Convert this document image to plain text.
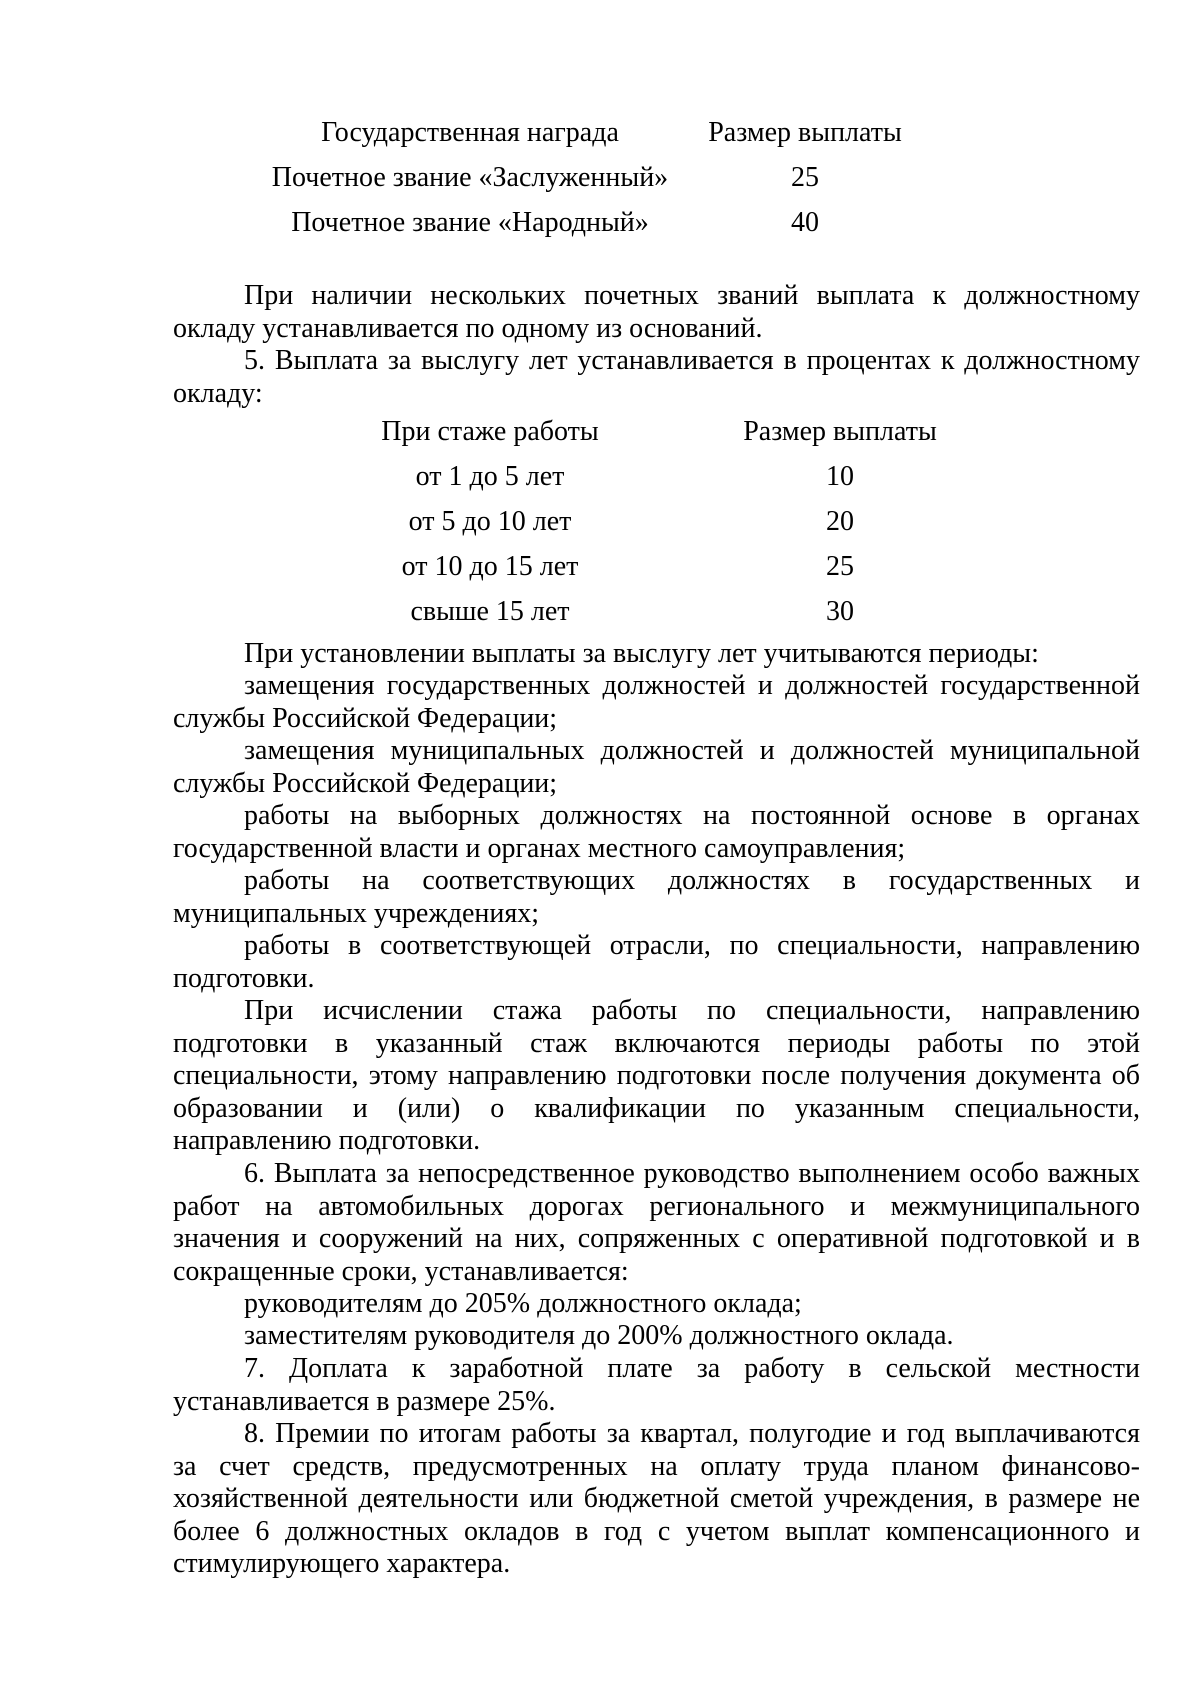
Государственная награда	Размер выплаты
Почетное звание «Заслуженный»	25
Почетное звание «Народный»	40
При наличии нескольких почетных званий выплата к должностному
окладу устанавливается по одному из оснований.
5. Выплата за выслугу лет устанавливается в процентах к должностному
окладу:
При стаже работы	Размер выплаты
от 1 до 5 лет	10
от 5 до 10 лет	20
от 10 до 15 лет	25
свыше 15 лет	30
При установлении выплаты за выслугу лет учитываются периоды:
замещения государственных должностей и должностей государственной
службы Российской Федерации;
замещения муниципальных должностей и должностей муниципальной
службы Российской Федерации;
работы на выборных должностях на постоянной основе в органах
государственной власти и органах местного самоуправления;
работы на соответствующих должностях в государственных и
муниципальных учреждениях;
работы в соответствующей отрасли, по специальности, направлению
подготовки.
При исчислении стажа работы по специальности, направлению
подготовки в указанный стаж включаются периоды работы по этой
специальности, этому направлению подготовки после получения документа об
образовании и (или) о квалификации по указанным специальности,
направлению подготовки.
6. Выплата за непосредственное руководство выполнением особо важных
работ на автомобильных дорогах регионального и межмуниципального
значения и сооружений на них, сопряженных с оперативной подготовкой и в
сокращенные сроки, устанавливается:
руководителям до 205% должностного оклада;
заместителям руководителя до 200% должностного оклада.
7. Доплата к заработной плате за работу в сельской местности
устанавливается в размере 25%.
8. Премии по итогам работы за квартал, полугодие и год выплачиваются
за счет средств, предусмотренных на оплату труда планом финансово-
хозяйственной деятельности или бюджетной сметой учреждения, в размере не
более 6 должностных окладов в год с учетом выплат компенсационного и
стимулирующего характера.
